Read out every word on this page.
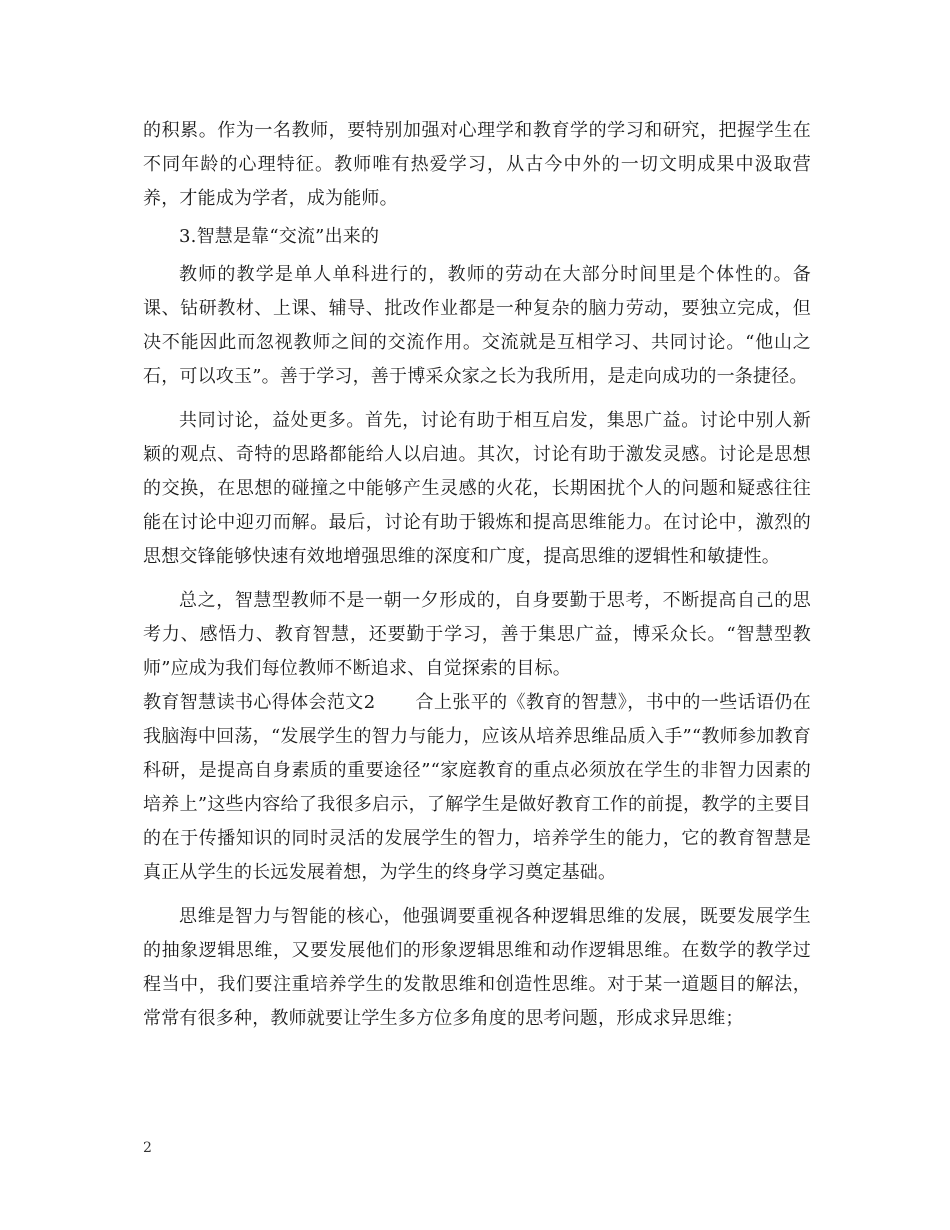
的积累。作为一名教师，要特别加强对心理学和教育学的学习和研究，把握学生在不同年龄的心理特征。教师唯有热爱学习，从古今中外的一切文明成果中汲取营养，才能成为学者，成为能师。

3.智慧是靠“交流”出来的

教师的教学是单人单科进行的，教师的劳动在大部分时间里是个体性的。备课、钻研教材、上课、辅导、批改作业都是一种复杂的脑力劳动，要独立完成，但决不能因此而忽视教师之间的交流作用。交流就是互相学习、共同讨论。“他山之石，可以攻玉”。善于学习，善于博采众家之长为我所用，是走向成功的一条捷径。

共同讨论，益处更多。首先，讨论有助于相互启发，集思广益。讨论中别人新颖的观点、奇特的思路都能给人以启迪。其次，讨论有助于激发灵感。讨论是思想的交换，在思想的碰撞之中能够产生灵感的火花，长期困扰个人的问题和疑惑往往能在讨论中迎刃而解。最后，讨论有助于锻炼和提高思维能力。在讨论中，激烈的思想交锋能够快速有效地增强思维的深度和广度，提高思维的逻辑性和敏捷性。

总之，智慧型教师不是一朝一夕形成的，自身要勤于思考，不断提高自己的思考力、感悟力、教育智慧，还要勤于学习，善于集思广益，博采众长。“智慧型教师”应成为我们每位教师不断追求、自觉探索的目标。

教育智慧读书心得体会范文2 合上张平的《教育的智慧》，书中的一些话语仍在我脑海中回荡，“发展学生的智力与能力，应该从培养思维品质入手”“教师参加教育科研，是提高自身素质的重要途径”“家庭教育的重点必须放在学生的非智力因素的培养上”这些内容给了我很多启示，了解学生是做好教育工作的前提，教学的主要目的在于传播知识的同时灵活的发展学生的智力，培养学生的能力，它的教育智慧是真正从学生的长远发展着想，为学生的终身学习奠定基础。

思维是智力与智能的核心，他强调要重视各种逻辑思维的发展，既要发展学生的抽象逻辑思维，又要发展他们的形象逻辑思维和动作逻辑思维。在数学的教学过程当中，我们要注重培养学生的发散思维和创造性思维。对于某一道题目的解法，常常有很多种，教师就要让学生多方位多角度的思考问题，形成求异思维；

2
